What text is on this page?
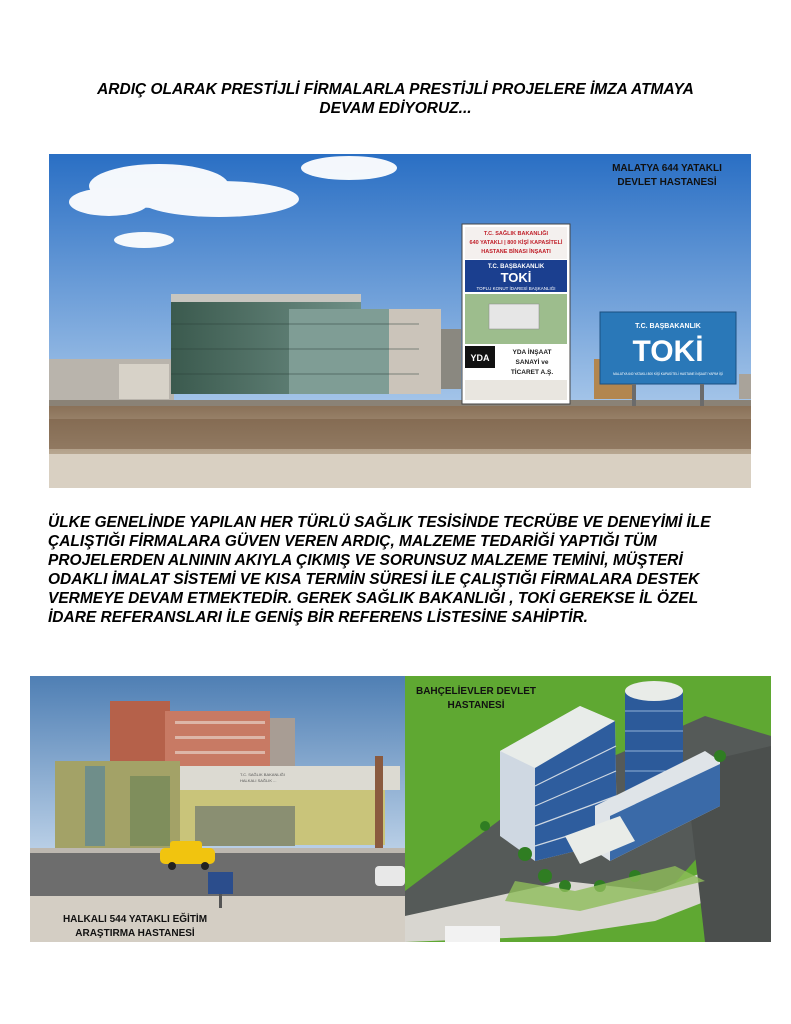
ARDIÇ OLARAK PRESTİJLİ FİRMALARLA PRESTİJLİ PROJELERE İMZA ATMAYA
DEVAM EDİYORUZ...
T.C. SAĞLIK BAKANLIĞI
640 YATAKLI | 800 KİŞİ KAPASİTELİ
HASTANE BİNASI İNŞAATI
T.C. BAŞBAKANLIK
TOKİ
TOPLU KONUT İDARESİ BAŞKANLIĞI
YDA
YDA İNŞAAT
SANAYİ ve
TİCARET A.Ş.
T.C. BAŞBAKANLIK
TOKİ
MALATYA 640 YATAKLI 800 KİŞİ KAPASİTELİ HASTANE İNŞAATI YAPIM İŞİ
MALATYA 644 YATAKLI
DEVLET HASTANESİ

ÜLKE GENELİNDE YAPILAN HER TÜRLÜ SAĞLIK TESİSİNDE TECRÜBE VE DENEYİMİ İLE

ÇALIŞTIĞI FİRMALARA GÜVEN VEREN ARDIÇ, MALZEME TEDARİĞİ YAPTIĞI TÜM

PROJELERDEN ALNININ AKIYLA ÇIKMIŞ VE SORUNSUZ MALZEME TEMİNİ, MÜŞTERİ

ODAKLI İMALAT SİSTEMİ VE KISA TERMİN SÜRESİ İLE ÇALIŞTIĞI FİRMALARA DESTEK

VERMEYE DEVAM ETMEKTEDİR. GEREK SAĞLIK BAKANLIĞI , TOKİ GEREKSE İL ÖZEL

İDARE REFERANSLARI İLE GENİŞ BİR REFERENS LİSTESİNE SAHİPTİR.

T.C. SAĞLIK BAKANLIĞI
HALKALI SAĞLIK ...
HALKALI 544 YATAKLI EĞİTİM
ARAŞTIRMA HASTANESİ
BAHÇELİEVLER DEVLET
HASTANESİ
